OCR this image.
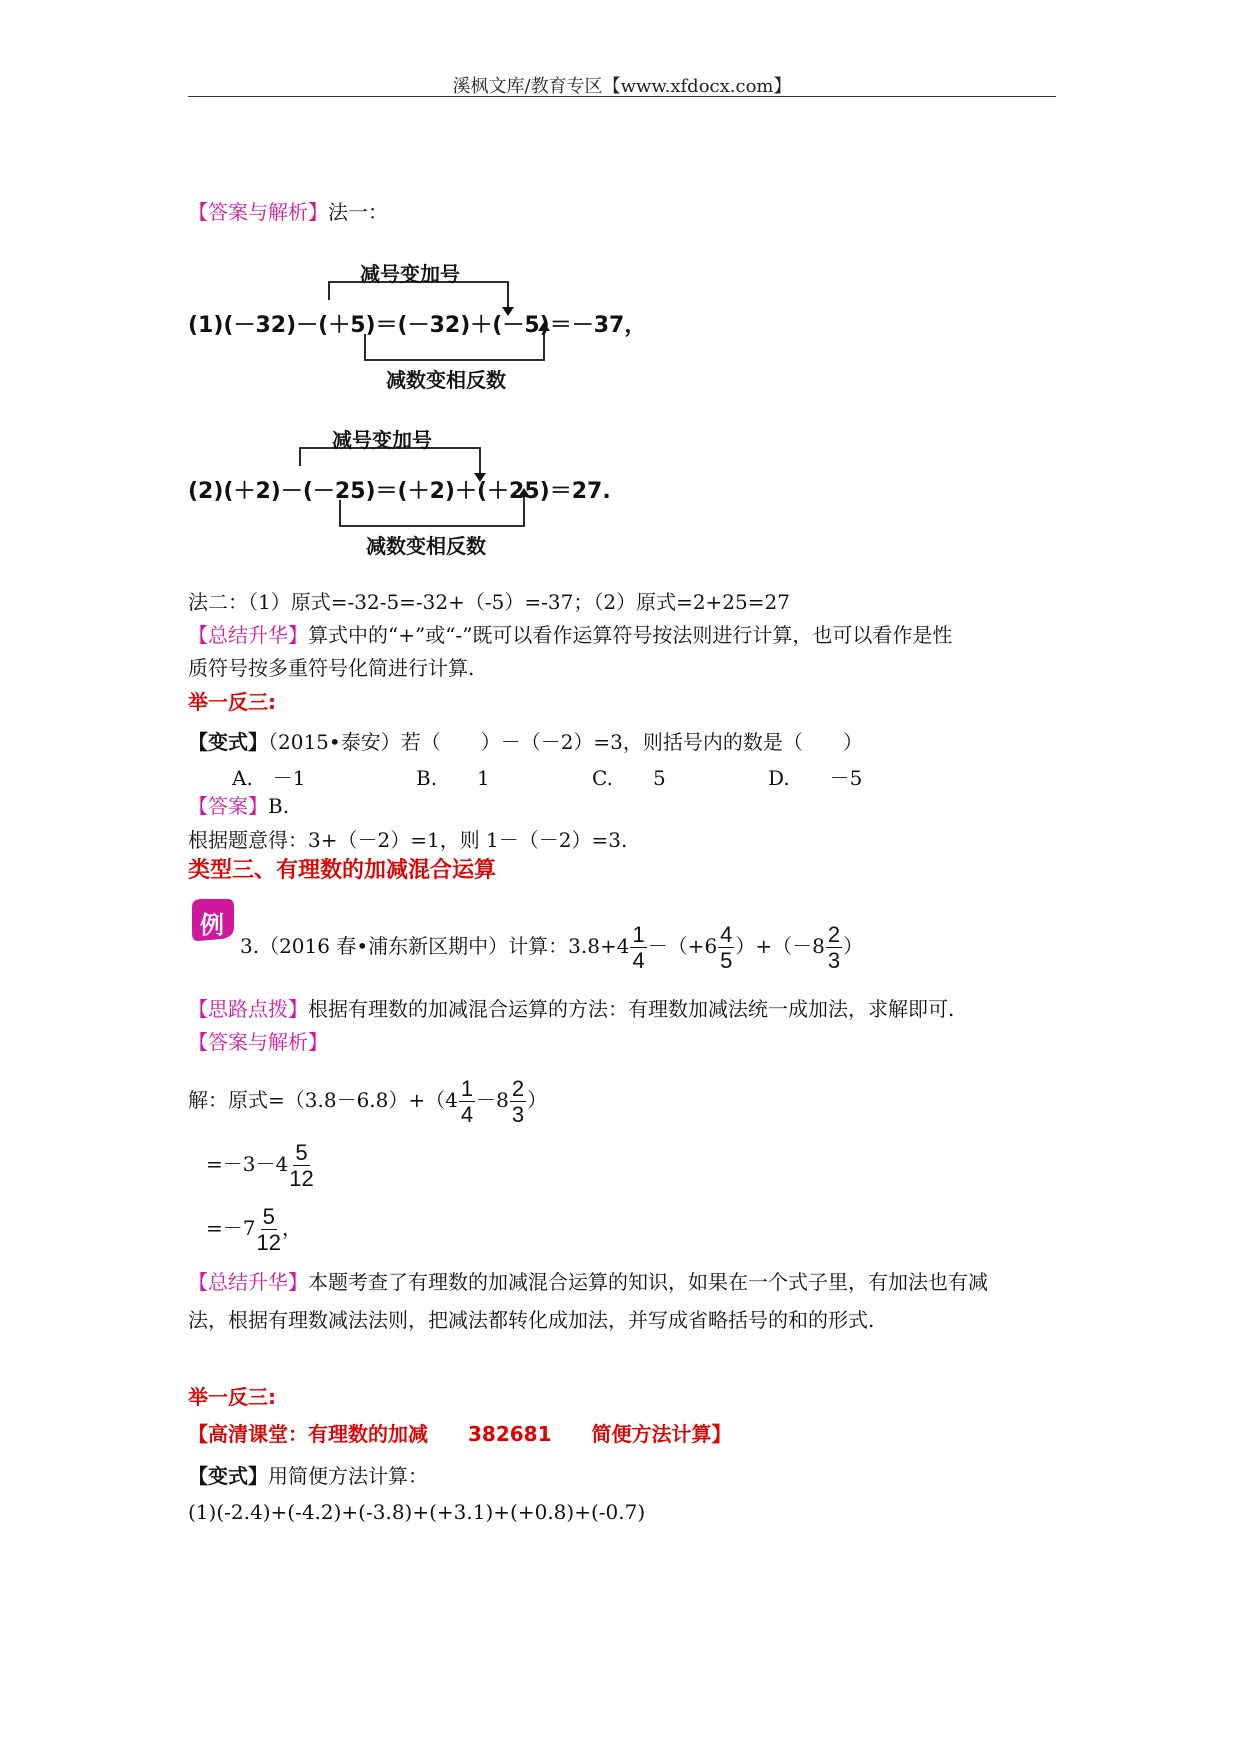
溪枫文库/教育专区【www.xfdocx.com】
【答案与解析】法一：
减号变加号
(1)(－32)－(＋5)＝(－32)＋(－5)＝－37，
减数变相反数
减号变加号
(2)(＋2)－(－25)＝(＋2)＋(＋25)＝27.
减数变相反数
法二：（1）原式=-32-5=-32+（-5）=-37；（2）原式=2+25=27
【总结升华】算式中的“+”或“-”既可以看作运算符号按法则进行计算，也可以看作是性
质符号按多重符号化简进行计算.
举一反三:
【变式】（2015•泰安）若（　　）－（－2）=3，则括号内的数是（　　）
A.　－1	B.　　1	C.　　5	D.　　－5
【答案】B.
根据题意得：3+（－2）=1，则 1－（－2）=3.
类型三、有理数的加减混合运算
例
3.（2016 春•浦东新区期中）计算：$3.8+4 \frac{1}{4} -(+6 \frac{4}{5} )+(-8 \frac{2}{3}$ ）
【思路点拨】根据有理数的加减混合运算的方法：有理数加减法统一成加法，求解即可.
【答案与解析】
解：原式$=(3.8-6.8)+(4 \frac{1}{4} -8 \frac{2}{3}$ ）
$=-3-4 \frac{5}{12}$
$=-7 \frac{5}{12}$ ，
【总结升华】本题考查了有理数的加减混合运算的知识，如果在一个式子里，有加法也有减
法，根据有理数减法法则，把减法都转化成加法，并写成省略括号的和的形式.
举一反三:
【高清课堂：有理数的加减　　382681　　简便方法计算】
【变式】用简便方法计算：
(1)(-2.4)+(-4.2)+(-3.8)+(+3.1)+(+0.8)+(-0.7)
